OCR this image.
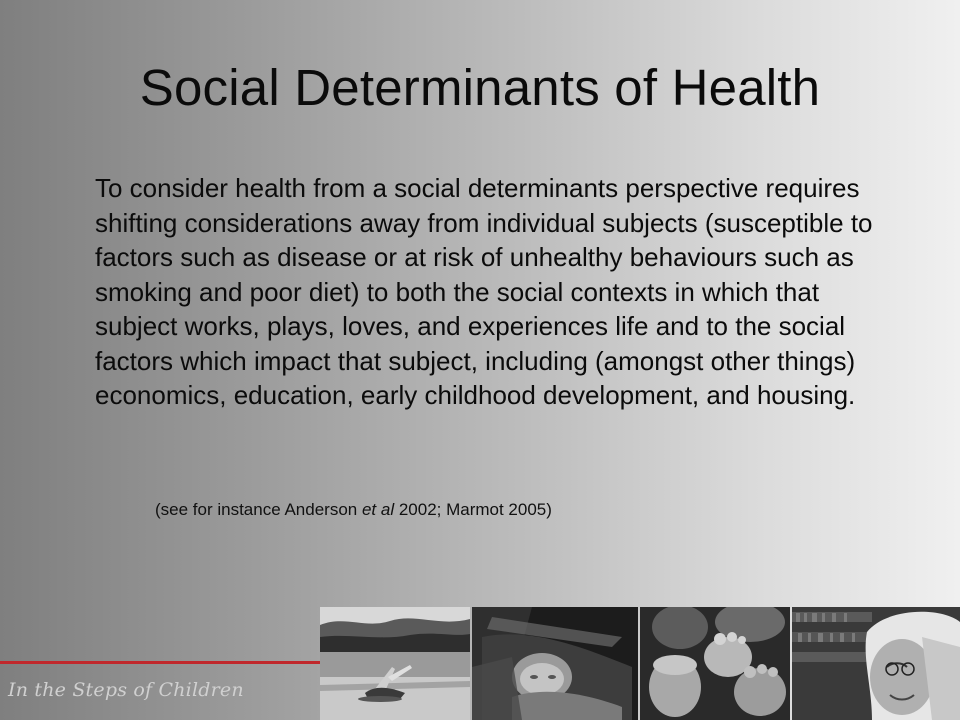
Social Determinants of Health

To consider health from a social determinants perspective requires shifting considerations away from individual subjects (susceptible to factors such as disease or at risk of unhealthy behaviours such as smoking and poor diet) to both the social contexts in which that subject works, plays, loves, and experiences life and to the social factors which impact that subject, including (amongst other things) economics, education, early childhood development, and housing.

(see for instance Anderson et al 2002; Marmot 2005)

In the Steps of Children
